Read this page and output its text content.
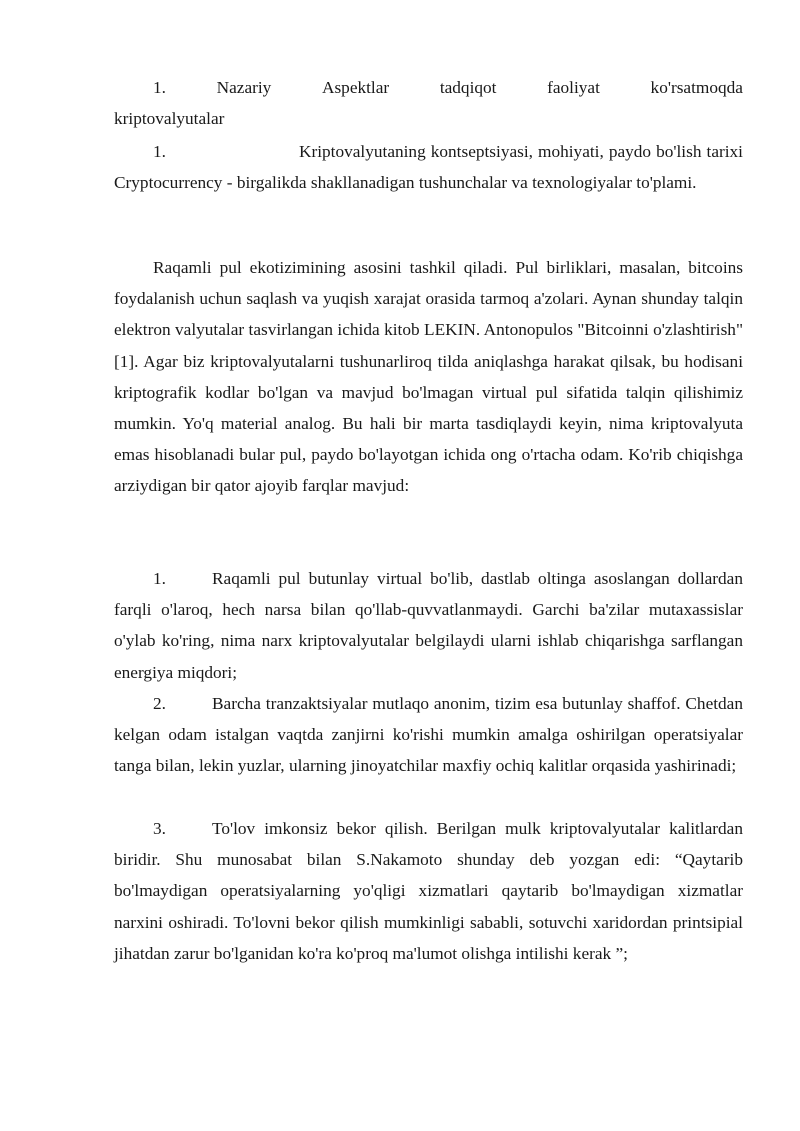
1.	Nazariy	Aspektlar	tadqiqot	faoliyat	ko'rsatmoqda
kriptovalyutalar

1.	Kriptovalyutaning kontseptsiyasi, mohiyati, paydo bo'lish tarixi Cryptocurrency - birgalikda shakllanadigan tushunchalar va texnologiyalar to'plami.

Raqamli pul ekotizimining asosini tashkil qiladi. Pul birliklari, masalan, bitcoins foydalanish uchun saqlash va yuqish xarajat orasida tarmoq a'zolari. Aynan shunday talqin elektron valyutalar tasvirlangan ichida kitob LEKIN. Antonopulos "Bitcoinni o'zlashtirish" [1]. Agar biz kriptovalyutalarni tushunarliroq tilda aniqlashga harakat qilsak, bu hodisani kriptografik kodlar bo'lgan va mavjud bo'lmagan virtual pul sifatida talqin qilishimiz mumkin. Yo'q material analog. Bu hali bir marta tasdiqlaydi keyin, nima kriptovalyuta emas hisoblanadi bular pul, paydo bo'layotgan ichida ong o'rtacha odam. Ko'rib chiqishga arziydigan bir qator ajoyib farqlar mavjud:

1.	Raqamli pul butunlay virtual bo'lib, dastlab oltinga asoslangan dollardan farqli o'laroq, hech narsa bilan qo'llab-quvvatlanmaydi. Garchi ba'zilar mutaxassislar o'ylab ko'ring, nima narx kriptovalyutalar belgilaydi ularni ishlab chiqarishga sarflangan energiya miqdori;

2.	Barcha tranzaktsiyalar mutlaqo anonim, tizim esa butunlay shaffof. Chetdan kelgan odam istalgan vaqtda zanjirni ko'rishi mumkin amalga oshirilgan operatsiyalar tanga bilan, lekin yuzlar, ularning jinoyatchilar maxfiy ochiq kalitlar orqasida yashirinadi;

3.	To'lov imkonsiz bekor qilish. Berilgan mulk kriptovalyutalar kalitlardan biridir. Shu munosabat bilan S.Nakamoto shunday deb yozgan edi: “Qaytarib bo'lmaydigan operatsiyalarning yo'qligi xizmatlari qaytarib bo'lmaydigan xizmatlar narxini oshiradi. To'lovni bekor qilish mumkinligi sababli, sotuvchi xaridordan printsipial jihatdan zarur bo'lganidan ko'ra ko'proq ma'lumot olishga intilishi kerak ”;
